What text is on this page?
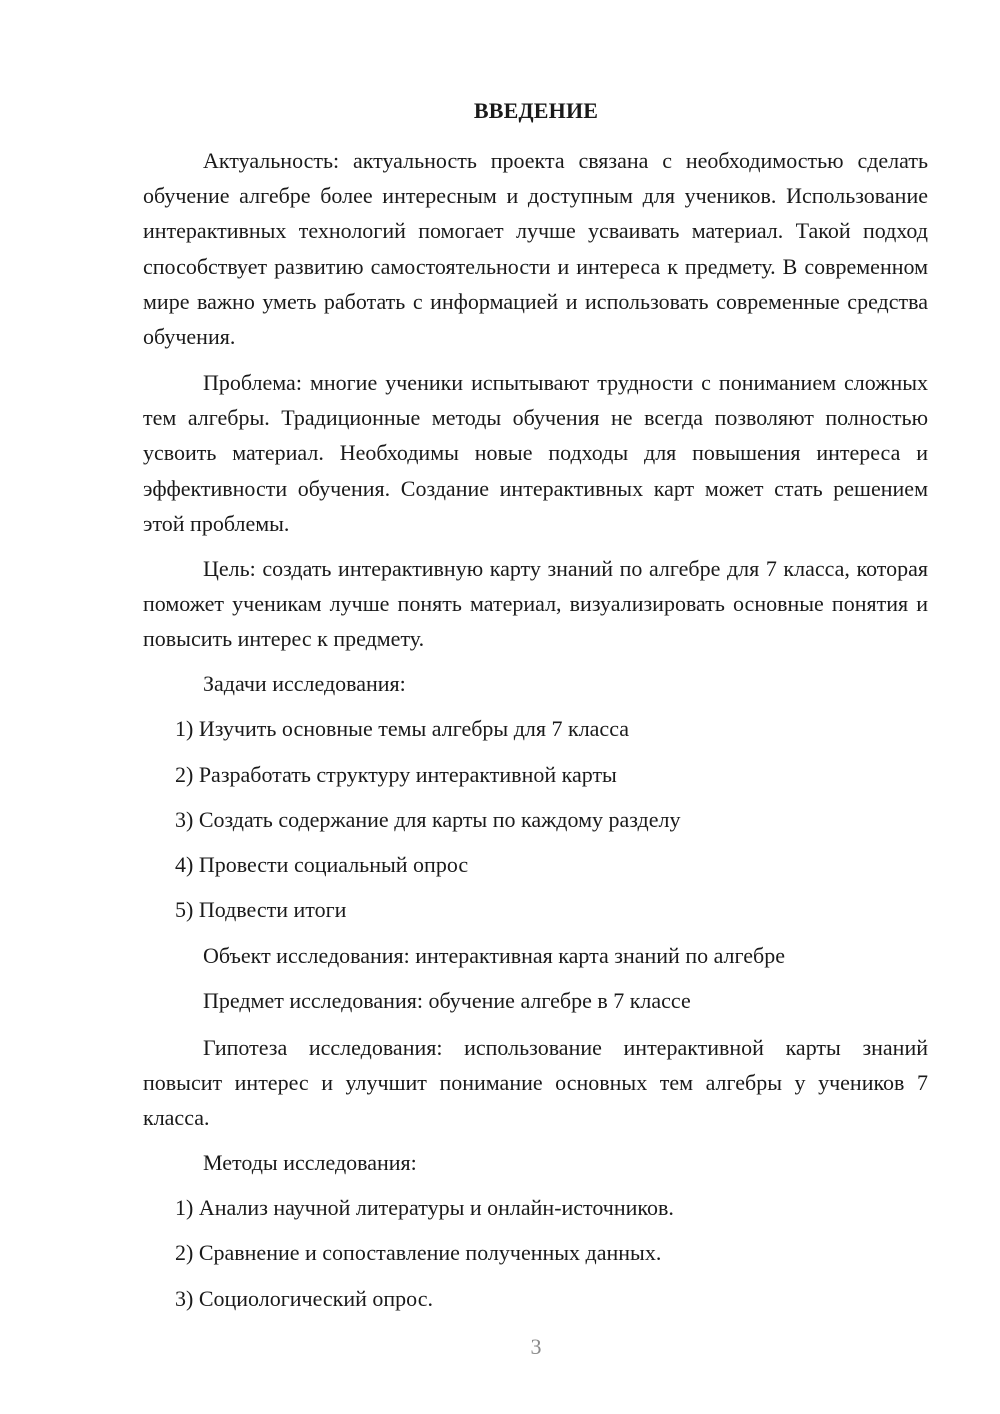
ВВЕДЕНИЕ

Актуальность: актуальность проекта связана с необходимостью сделать обучение алгебре более интересным и доступным для учеников. Использование интерактивных технологий помогает лучше усваивать материал. Такой подход способствует развитию самостоятельности и интереса к предмету. В современном мире важно уметь работать с информацией и использовать современные средства обучения.

Проблема: многие ученики испытывают трудности с пониманием сложных тем алгебры. Традиционные методы обучения не всегда позволяют полностью усвоить материал. Необходимы новые подходы для повышения интереса и эффективности обучения. Создание интерактивных карт может стать решением этой проблемы.

Цель: создать интерактивную карту знаний по алгебре для 7 класса, которая поможет ученикам лучше понять материал, визуализировать основные понятия и повысить интерес к предмету.

Задачи исследования:
1) Изучить основные темы алгебры для 7 класса
2) Разработать структуру интерактивной карты
3) Создать содержание для карты по каждому разделу
4) Провести социальный опрос
5) Подвести итоги
Объект исследования: интерактивная карта знаний по алгебре
Предмет исследования: обучение алгебре в 7 классе

Гипотеза исследования: использование интерактивной карты знаний повысит интерес и улучшит понимание основных тем алгебры у учеников 7 класса.

Методы исследования:
1) Анализ научной литературы и онлайн-источников.
2) Сравнение и сопоставление полученных данных.
3) Социологический опрос.
3
